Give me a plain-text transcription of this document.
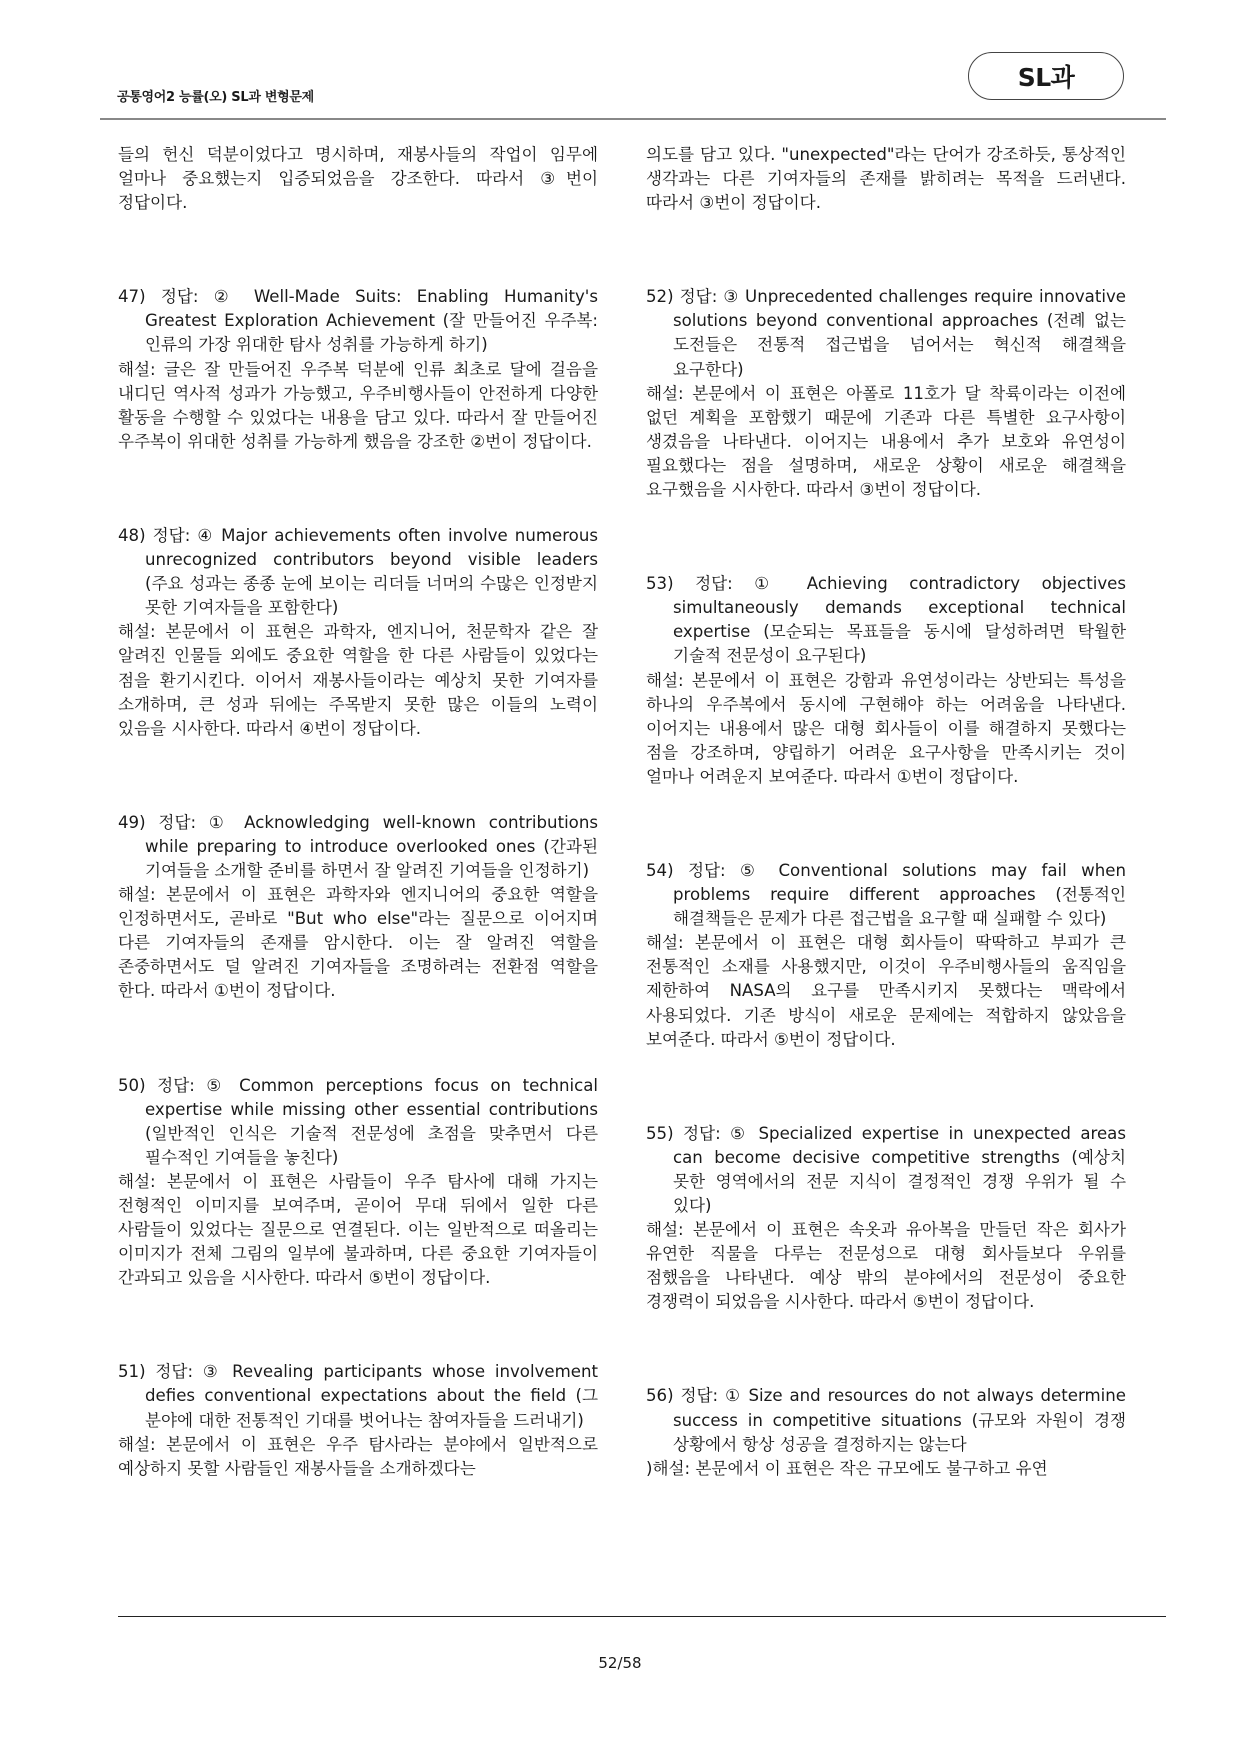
공통영어2 능률(오) SL과 변형문제
SL과

들의 헌신 덕분이었다고 명시하며, 재봉사들의 작업이 임무에 얼마나 중요했는지 입증되었음을 강조한다. 따라서 ③번이 정답이다.

47) 정답: ② Well-Made Suits: Enabling Humanity's Greatest Exploration Achievement (잘 만들어진 우주복: 인류의 가장 위대한 탐사 성취를 가능하게 하기)

해설: 글은 잘 만들어진 우주복 덕분에 인류 최초로 달에 걸음을 내디딘 역사적 성과가 가능했고, 우주비행사들이 안전하게 다양한 활동을 수행할 수 있었다는 내용을 담고 있다. 따라서 잘 만들어진 우주복이 위대한 성취를 가능하게 했음을 강조한 ②번이 정답이다.

48) 정답: ④ Major achievements often involve numerous unrecognized contributors beyond visible leaders (주요 성과는 종종 눈에 보이는 리더들 너머의 수많은 인정받지 못한 기여자들을 포함한다)

해설: 본문에서 이 표현은 과학자, 엔지니어, 천문학자 같은 잘 알려진 인물들 외에도 중요한 역할을 한 다른 사람들이 있었다는 점을 환기시킨다. 이어서 재봉사들이라는 예상치 못한 기여자를 소개하며, 큰 성과 뒤에는 주목받지 못한 많은 이들의 노력이 있음을 시사한다. 따라서 ④번이 정답이다.

49) 정답: ① Acknowledging well-known contributions while preparing to introduce overlooked ones (간과된 기여들을 소개할 준비를 하면서 잘 알려진 기여들을 인정하기)

해설: 본문에서 이 표현은 과학자와 엔지니어의 중요한 역할을 인정하면서도, 곧바로 "But who else"라는 질문으로 이어지며 다른 기여자들의 존재를 암시한다. 이는 잘 알려진 역할을 존중하면서도 덜 알려진 기여자들을 조명하려는 전환점 역할을 한다. 따라서 ①번이 정답이다.

50) 정답: ⑤ Common perceptions focus on technical expertise while missing other essential contributions (일반적인 인식은 기술적 전문성에 초점을 맞추면서 다른 필수적인 기여들을 놓친다)

해설: 본문에서 이 표현은 사람들이 우주 탐사에 대해 가지는 전형적인 이미지를 보여주며, 곧이어 무대 뒤에서 일한 다른 사람들이 있었다는 질문으로 연결된다. 이는 일반적으로 떠올리는 이미지가 전체 그림의 일부에 불과하며, 다른 중요한 기여자들이 간과되고 있음을 시사한다. 따라서 ⑤번이 정답이다.

51) 정답: ③ Revealing participants whose involvement defies conventional expectations about the field (그 분야에 대한 전통적인 기대를 벗어나는 참여자들을 드러내기)

해설: 본문에서 이 표현은 우주 탐사라는 분야에서 일반적으로 예상하지 못할 사람들인 재봉사들을 소개하겠다는

의도를 담고 있다. "unexpected"라는 단어가 강조하듯, 통상적인 생각과는 다른 기여자들의 존재를 밝히려는 목적을 드러낸다. 따라서 ③번이 정답이다.

52) 정답: ③ Unprecedented challenges require innovative solutions beyond conventional approaches (전례 없는 도전들은 전통적 접근법을 넘어서는 혁신적 해결책을 요구한다)

해설: 본문에서 이 표현은 아폴로 11호가 달 착륙이라는 이전에 없던 계획을 포함했기 때문에 기존과 다른 특별한 요구사항이 생겼음을 나타낸다. 이어지는 내용에서 추가 보호와 유연성이 필요했다는 점을 설명하며, 새로운 상황이 새로운 해결책을 요구했음을 시사한다. 따라서 ③번이 정답이다.

53) 정답: ① Achieving contradictory objectives simultaneously demands exceptional technical expertise (모순되는 목표들을 동시에 달성하려면 탁월한 기술적 전문성이 요구된다)

해설: 본문에서 이 표현은 강함과 유연성이라는 상반되는 특성을 하나의 우주복에서 동시에 구현해야 하는 어려움을 나타낸다. 이어지는 내용에서 많은 대형 회사들이 이를 해결하지 못했다는 점을 강조하며, 양립하기 어려운 요구사항을 만족시키는 것이 얼마나 어려운지 보여준다. 따라서 ①번이 정답이다.

54) 정답: ⑤ Conventional solutions may fail when problems require different approaches (전통적인 해결책들은 문제가 다른 접근법을 요구할 때 실패할 수 있다)

해설: 본문에서 이 표현은 대형 회사들이 딱딱하고 부피가 큰 전통적인 소재를 사용했지만, 이것이 우주비행사들의 움직임을 제한하여 NASA의 요구를 만족시키지 못했다는 맥락에서 사용되었다. 기존 방식이 새로운 문제에는 적합하지 않았음을 보여준다. 따라서 ⑤번이 정답이다.

55) 정답: ⑤ Specialized expertise in unexpected areas can become decisive competitive strengths (예상치 못한 영역에서의 전문 지식이 결정적인 경쟁 우위가 될 수 있다)

해설: 본문에서 이 표현은 속옷과 유아복을 만들던 작은 회사가 유연한 직물을 다루는 전문성으로 대형 회사들보다 우위를 점했음을 나타낸다. 예상 밖의 분야에서의 전문성이 중요한 경쟁력이 되었음을 시사한다. 따라서 ⑤번이 정답이다.

56) 정답: ① Size and resources do not always determine success in competitive situations (규모와 자원이 경쟁 상황에서 항상 성공을 결정하지는 않는다

)해설: 본문에서 이 표현은 작은 규모에도 불구하고 유연

52/58
